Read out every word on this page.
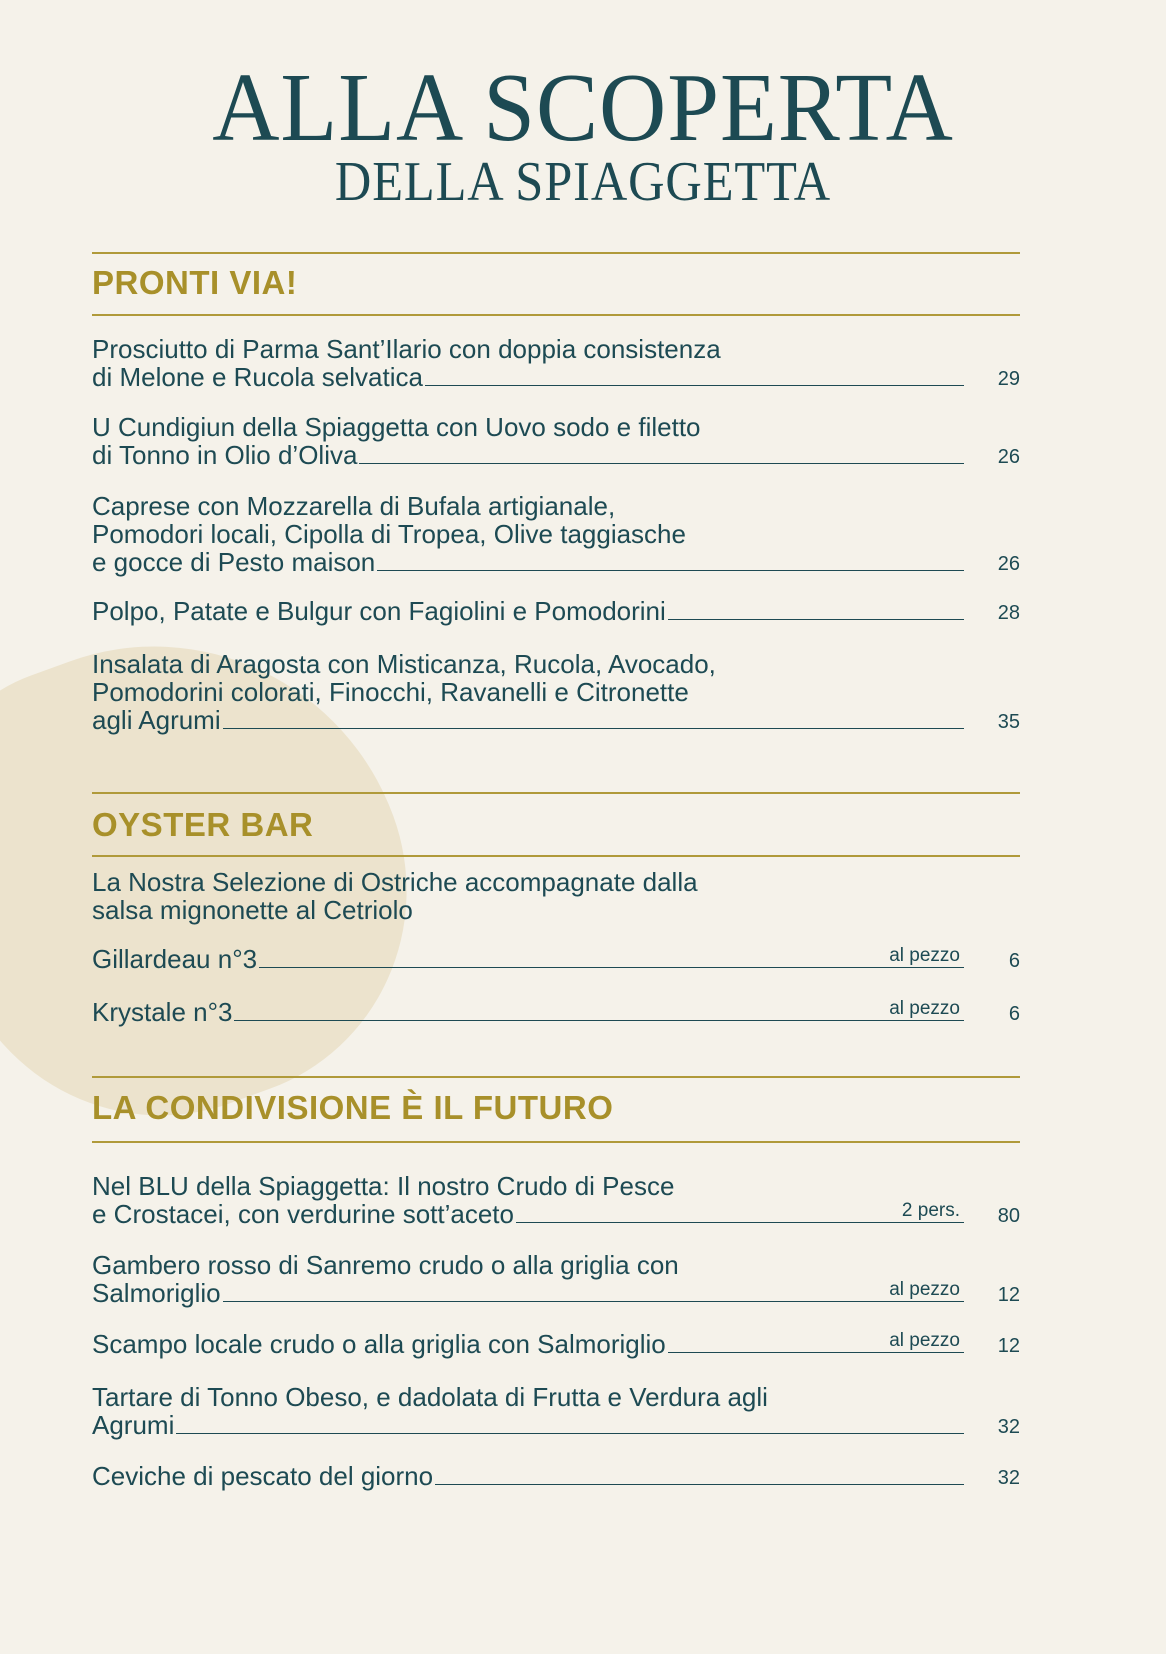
ALLA SCOPERTA
DELLA SPIAGGETTA
PRONTI VIA!
Prosciutto di Parma Sant’Ilario con doppia consistenza
di Melone e Rucola selvatica	29
U Cundigiun della Spiaggetta con Uovo sodo e filetto
di Tonno in Olio d’Oliva	26
Caprese con Mozzarella di Bufala artigianale,
Pomodori locali, Cipolla di Tropea, Olive taggiasche
e gocce di Pesto maison	26
Polpo, Patate e Bulgur con Fagiolini e Pomodorini	28
Insalata di Aragosta con Misticanza, Rucola, Avocado,
Pomodorini colorati, Finocchi, Ravanelli e Citronette
agli Agrumi	35
OYSTER BAR
La Nostra Selezione di Ostriche accompagnate dalla
salsa mignonette al Cetriolo
Gillardeau n°3	al pezzo	6
Krystale n°3	al pezzo	6
LA CONDIVISIONE È IL FUTURO
Nel BLU della Spiaggetta: Il nostro Crudo di Pesce
e Crostacei, con verdurine sott’aceto	2 pers.	80
Gambero rosso di Sanremo crudo o alla griglia con
Salmoriglio	al pezzo	12
Scampo locale crudo o alla griglia con Salmoriglio	al pezzo	12
Tartare di Tonno Obeso, e dadolata di Frutta e Verdura agli
Agrumi	32
Ceviche di pescato del giorno	32
